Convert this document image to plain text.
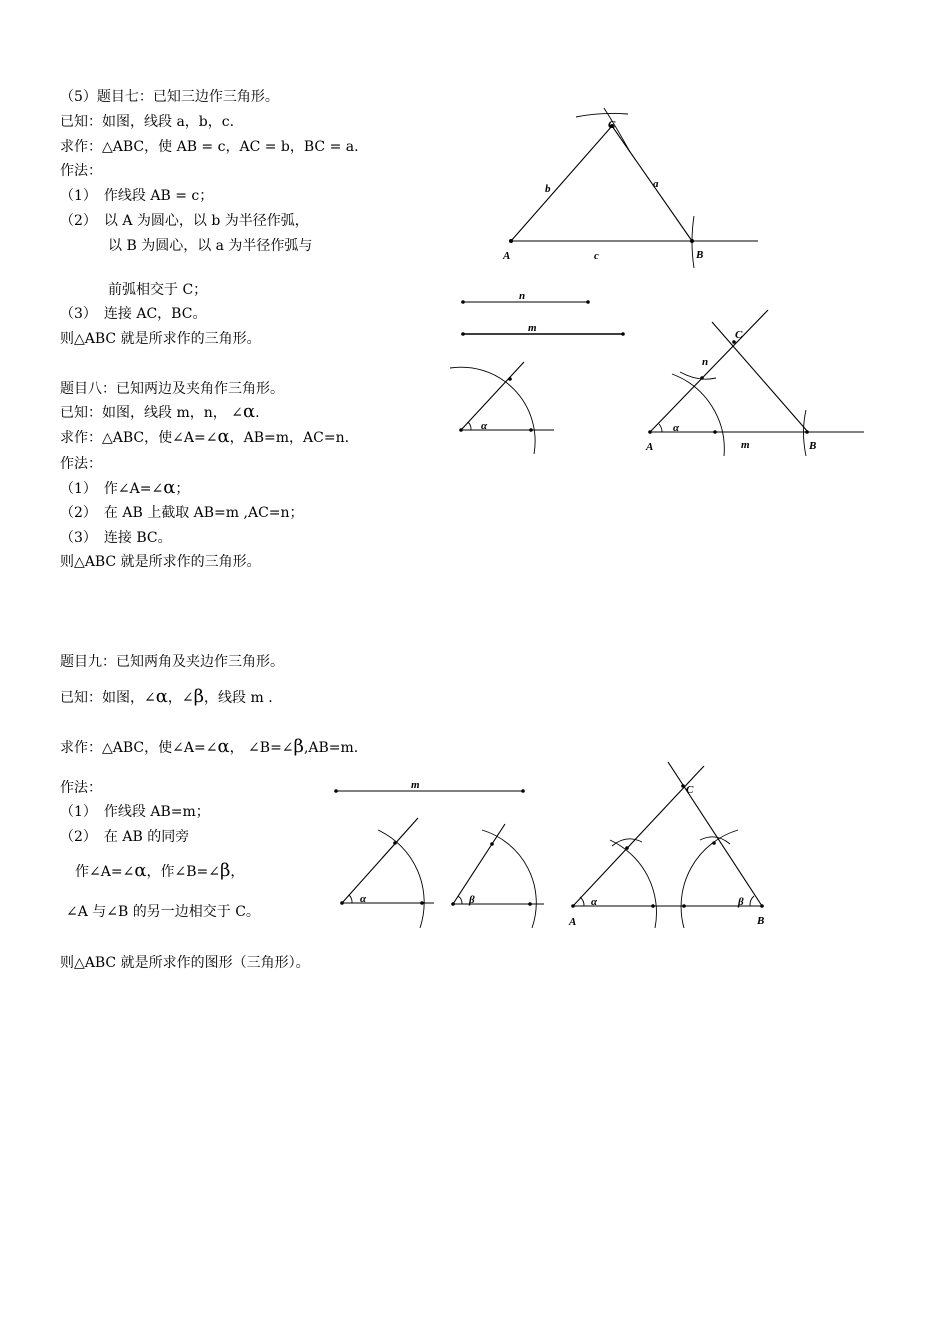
（5）题目七：已知三边作三角形。
已知：如图，线段 a，b，c.
求作：△ABC，使 AB = c，AC = b，BC = a.
作法：
（1）　作线段 AB = c；
（2）　以 A 为圆心，以 b 为半径作弧，
以 B 为圆心，以 a 为半径作弧与
前弧相交于 C；
（3）　连接 AC，BC。
则△ABC 就是所求作的三角形。
题目八：已知两边及夹角作三角形。
已知：如图，线段 m，n， ∠α.
求作：△ABC，使∠A=∠α，AB=m，AC=n.
作法：
（1）　作∠A=∠α；
（2）　在 AB 上截取 AB=m ,AC=n；
（3）　连接 BC。
则△ABC 就是所求作的三角形。
题目九：已知两角及夹边作三角形。
已知：如图，∠α，∠β，线段 m .
求作：△ABC，使∠A=∠α， ∠B=∠β,AB=m.
作法：
（1）　作线段 AB=m；
（2）　在 AB 的同旁
作∠A=∠α，作∠B=∠β，
∠A 与∠B 的另一边相交于 C。
则△ABC 就是所求作的图形（三角形）。
A	B
C
b	a
c
n
m
α
A	B
C
n
m
α
m
α	β
A	B
C
α	β
